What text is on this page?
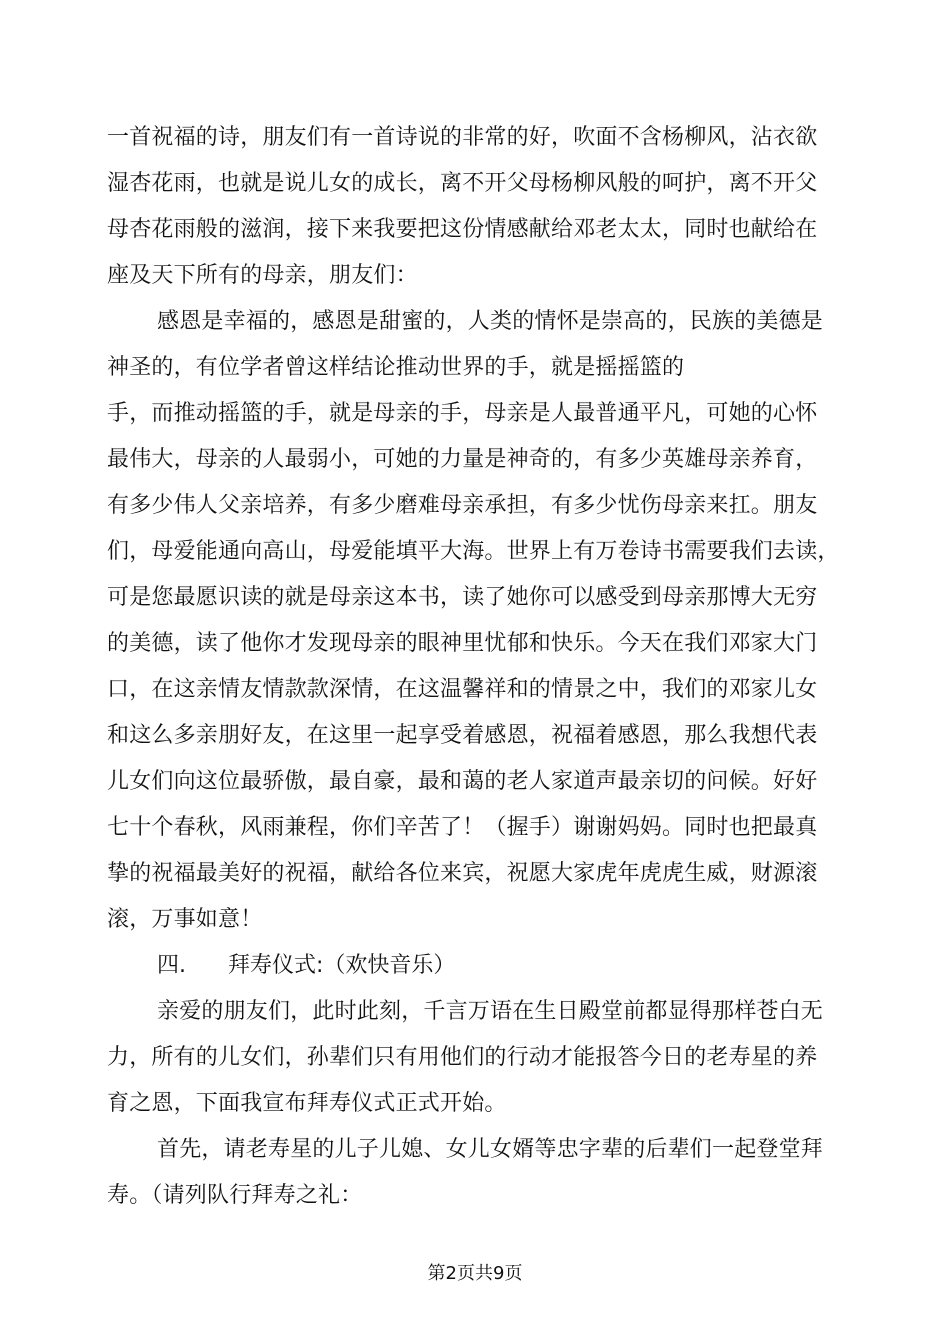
一首祝福的诗，朋友们有一首诗说的非常的好，吹面不含杨柳风，沾衣欲
湿杏花雨，也就是说儿女的成长，离不开父母杨柳风般的呵护，离不开父
母杏花雨般的滋润，接下来我要把这份情感献给邓老太太，同时也献给在
座及天下所有的母亲，朋友们：
感恩是幸福的，感恩是甜蜜的，人类的情怀是崇高的，民族的美德是
神圣的，有位学者曾这样结论推动世界的手，就是摇摇篮的
手，而推动摇篮的手，就是母亲的手，母亲是人最普通平凡，可她的心怀
最伟大，母亲的人最弱小，可她的力量是神奇的，有多少英雄母亲养育，
有多少伟人父亲培养，有多少磨难母亲承担，有多少忧伤母亲来扛。朋友
们，母爱能通向高山，母爱能填平大海。世界上有万卷诗书需要我们去读，
可是您最愿识读的就是母亲这本书，读了她你可以感受到母亲那博大无穷
的美德，读了他你才发现母亲的眼神里忧郁和快乐。今天在我们邓家大门
口，在这亲情友情款款深情，在这温馨祥和的情景之中，我们的邓家儿女
和这么多亲朋好友，在这里一起享受着感恩，祝福着感恩，那么我想代表
儿女们向这位最骄傲，最自豪，最和蔼的老人家道声最亲切的问候。好好
七十个春秋，风雨兼程，你们辛苦了！（握手）谢谢妈妈。同时也把最真
挚的祝福最美好的祝福，献给各位来宾，祝愿大家虎年虎虎生威，财源滚
滚，万事如意！
四. 拜寿仪式:（欢快音乐）
亲爱的朋友们，此时此刻，千言万语在生日殿堂前都显得那样苍白无
力，所有的儿女们，孙辈们只有用他们的行动才能报答今日的老寿星的养
育之恩，下面我宣布拜寿仪式正式开始。
首先，请老寿星的儿子儿媳、女儿女婿等忠字辈的后辈们一起登堂拜
寿。（请列队行拜寿之礼：
第2页共9页
